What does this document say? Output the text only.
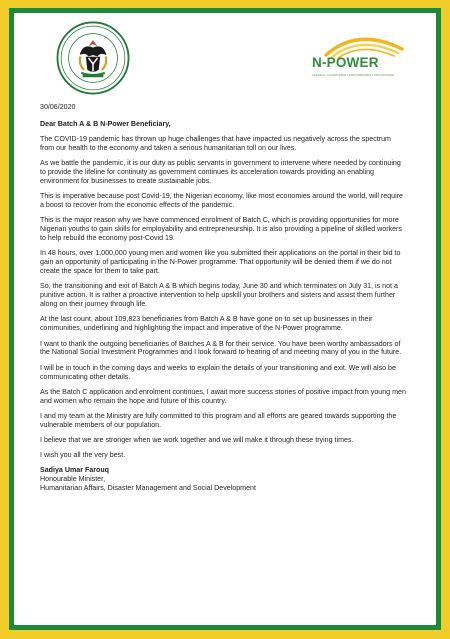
N-POWER
FEDERAL GOVERNMENT EMPOWERMENT PROGRAMME

30/06/2020

Dear Batch A & B N-Power Beneficiary,

The COVID-19 pandemic has thrown up huge challenges that have impacted us negatively across the spectrum from our health to the economy and taken a serious humanitarian toll on our lives.

As we battle the pandemic, it is our duty as public servants in government to intervene where needed by continuing to provide the lifeline for continuity as government continues its acceleration towards providing an enabling environment for businesses to create sustainable jobs.

This is imperative because post Covid-19, the Nigerian economy, like most economies around the world, will require a boost to recover from the economic effects of the pandemic.

This is the major reason why we have commenced enrolment of Batch C, which is providing opportunities for more Nigerian youths to gain skills for employability and entrepreneurship. It is also providing a pipeline of skilled workers to help rebuild the economy post-Covid 19.

In 48 hours, over 1,000,000 young men and women like you submitted their applications on the portal in their bid to gain an opportunity of participating in the N-Power programme. That opportunity will be denied them if we do not create the space for them to take part.

So, the transitioning and exit of Batch A & B which begins today, June 30 and which terminates on July 31, is not a punitive action. It is rather a proactive intervention to help upskill your brothers and sisters and assist them further along on their journey through life.

At the last count, about 109,823 beneficiaries from Batch A & B have gone on to set up businesses in their communities, underlining and highlighting the impact and imperative of the N-Power programme.

I want to thank the outgoing beneficiaries of Batches A & B for their service. You have been worthy ambassadors of the National Social Investment Programmes and I look forward to hearing of and meeting many of you in the future.

I will be in touch in the coming days and weeks to explain the details of your transitioning and exit. We will also be communicating other details.

As the Batch C application and enrolment continues, I await more success stories of positive impact from young men and women who remain the hope and future of this country.

I and my team at the Ministry are fully committed to this program and all efforts are geared towards supporting the vulnerable members of our population.

I believe that we are stronger when we work together and we will make it through these trying times.

I wish you all the very best.

Sadiya Umar Farouq

Honourable Minister,

Humanitarian Affairs, Disaster Management and Social Development
